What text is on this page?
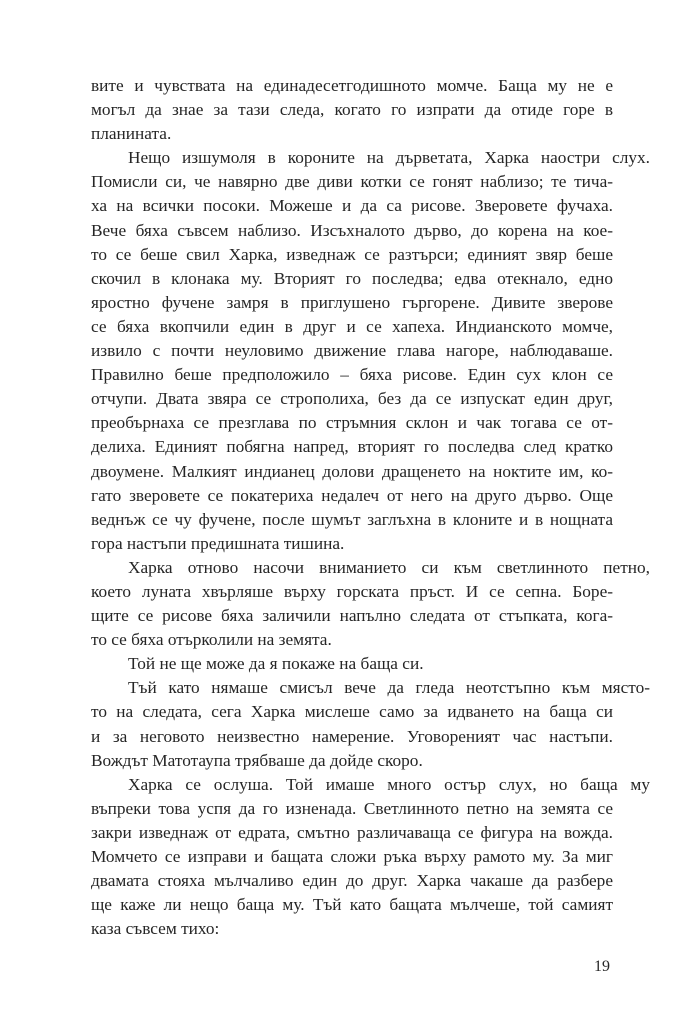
вите и чувствата на единадесетгодишното момче. Баща му не е
могъл да знае за тази следа, когато го изпрати да отиде горе в
планината.
Нещо изшумоля в короните на дърветата, Харка наостри слух.
Помисли си, че навярно две диви котки се гонят наблизо; те тича-
ха на всички посоки. Можеше и да са рисове. Зверовете фучаха.
Вече бяха съвсем наблизо. Изсъхналото дърво, до корена на кое-
то се беше свил Харка, изведнаж се разтърси; единият звяр беше
скочил в клонака му. Вторият го последва; едва отекнало, едно
яростно фучене замря в приглушено гъргорене. Дивите зверове
се бяха вкопчили един в друг и се хапеха. Индианското момче,
извило с почти неуловимо движение глава нагоре, наблюдаваше.
Правилно беше предположило – бяха рисове. Един сух клон се
отчупи. Двата звяра се строполиха, без да се изпускат един друг,
преобърнаха се презглава по стръмния склон и чак тогава се от-
делиха. Единият побягна напред, вторият го последва след кратко
двоумене. Малкият индианец долови дращенето на ноктите им, ко-
гато зверовете се покатериха недалеч от него на друго дърво. Още
веднъж се чу фучене, после шумът заглъхна в клоните и в нощната
гора настъпи предишната тишина.
Харка отново насочи вниманието си към светлинното петно,
което луната хвърляше върху горската пръст. И се сепна. Боре-
щите се рисове бяха заличили напълно следата от стъпката, кога-
то се бяха отърколили на земята.
Той не ще може да я покаже на баща си.
Тъй като нямаше смисъл вече да гледа неотстъпно към място-
то на следата, сега Харка мислеше само за идването на баща си
и за неговото неизвестно намерение. Уговореният час настъпи.
Вождът Матотаупа трябваше да дойде скоро.
Харка се ослуша. Той имаше много остър слух, но баща му
въпреки това успя да го изненада. Светлинното петно на земята се
закри изведнаж от едрата, смътно различаваща се фигура на вожда.
Момчето се изправи и бащата сложи ръка върху рамото му. За миг
двамата стояха мълчаливо един до друг. Харка чакаше да разбере
ще каже ли нещо баща му. Тъй като бащата мълчеше, той самият
каза съвсем тихо:
19
